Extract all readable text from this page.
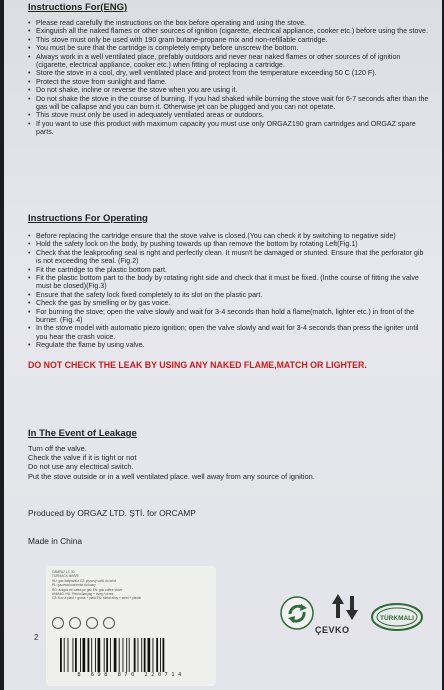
Instructions For(ENG)
• Please read carefully the instructions on the box before operating and using the stove.
• Exinguish all the naked flames or other sources of ignition (cigarette, electrical appliance, cooker etc.) before using the stove.
• This stove must only be used with 190 gram butane-propane mix and non-refillable cartridge.
• You must be sure that the cartridge is completely empty before unscrew the bottom.
• Always work in a well ventilated place, prefably outdoors and never near naked flames or other sources of of ignition (cigarette, electrical appliance, cooker etc.) when fitting of replacing a cartridge.
• Store the stove in a cool, dry, well ventilated place and protect from the temperature exceeding 50 C (120 F).
• Protect the stove from sunlight and flame.
• Do not shake, incline or reverse the stove when you are using it.
• Do not shake the stove in the course of burning. If you had shaked while burning the stove wait for 6-7 seconds after than the gas will be callapse and you can burn it. Otherwise jet can be plugged and you can not opetate.
• This stove must only be used in adequately ventilated areas or outdoors.
• If you want to use this product with maximum capacity you must use only ORGAZ190 gram cartridges and ORGAZ spare parts.
Instructions For Operating
• Before replacing the cartridge ensure that the stove valve is closed.(You can check it by switching to negative side)
• Hold the safety lock on the body, by pushing towards up than remove the bottom by rotating Left(Fig.1)
• Check that the leakproofing seal is right and perfectly clean. It musn't be damaged or stunted. Ensure that the perforator gib is not exceeding the seal. (Fig.2)
• Fit the cartridge to the plastic bottom part.
• Fit the plastic bottom part to the body by rotating right side and check that it must be fixed. (Inthe course of fitting the valve must be closed)(Fig.3)
• Ensure that the safety lock fixed completely to its slot on the plastic part.
• Check the gas by smelling or by gas voice.
• For burning the stove; open the valve slowly and wait for 3-4 seconds than hold a flame(match, lighter etc.) in front of the burner. (Fig. 4)
• In the stove model with automatic piezo ignition; open the valve slowly and wait for 3-4 seconds than press the igniter until you hear the crash voice.
• Regulate the flame by using valve.
DO NOT CHECK THE LEAK BY USING ANY NAKED FLAME,MATCH OR LIGHTER.
In The Event of Leakage

Turn off the valve.

Check the valve if it is tight or not

Do not use any electrical switch.

Put the stove outside or in a well ventilated place. well away from any source of ignition.

Produced by ORGAZ LTD. ŞTİ. for ORCAMP
Made in China
CAMPAZ LC 30
TURMACK MINVE
HU: gáz-kályha/tűz CZ: plynový vařič do lahví
PL: gazowa kuchenka do kawy
RO: aragaz de cafea pe gaz EN: gas coffee stove
ANMAG: HU: Fém/műanyag + üveg / nerez
CZ: Kov a plast + guma + plast EN: Metal alloy + steel + plastic
8 698 870 220714
2
ÇEVKO
TÜRKMALI
